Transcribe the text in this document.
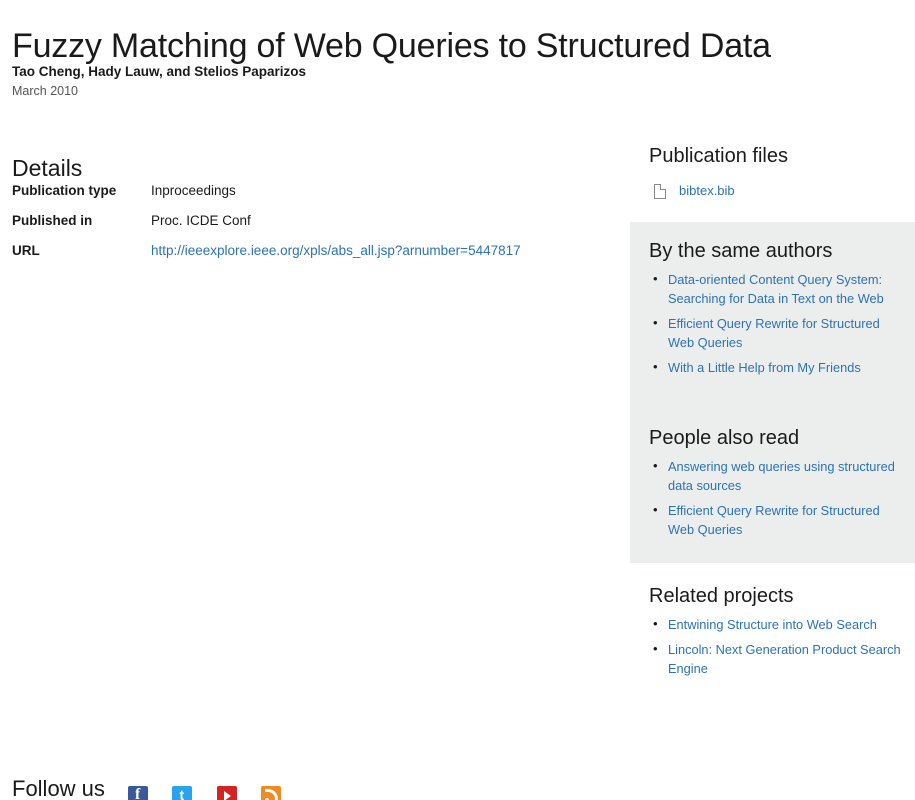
Fuzzy Matching of Web Queries to Structured Data
Tao Cheng, Hady Lauw, and Stelios Paparizos
March 2010
Details
Publication type	Inproceedings
Published in	Proc. ICDE Conf
URL	http://ieeexplore.ieee.org/xpls/abs_all.jsp?arnumber=5447817
Publication files
bibtex.bib
By the same authors
• Data-oriented Content Query System: Searching for Data in Text on the Web
• Efficient Query Rewrite for Structured Web Queries
• With a Little Help from My Friends
People also read
• Answering web queries using structured data sources
• Efficient Query Rewrite for Structured Web Queries
Related projects
• Entwining Structure into Web Search
• Lincoln: Next Generation Product Search Engine
Follow us
f t
